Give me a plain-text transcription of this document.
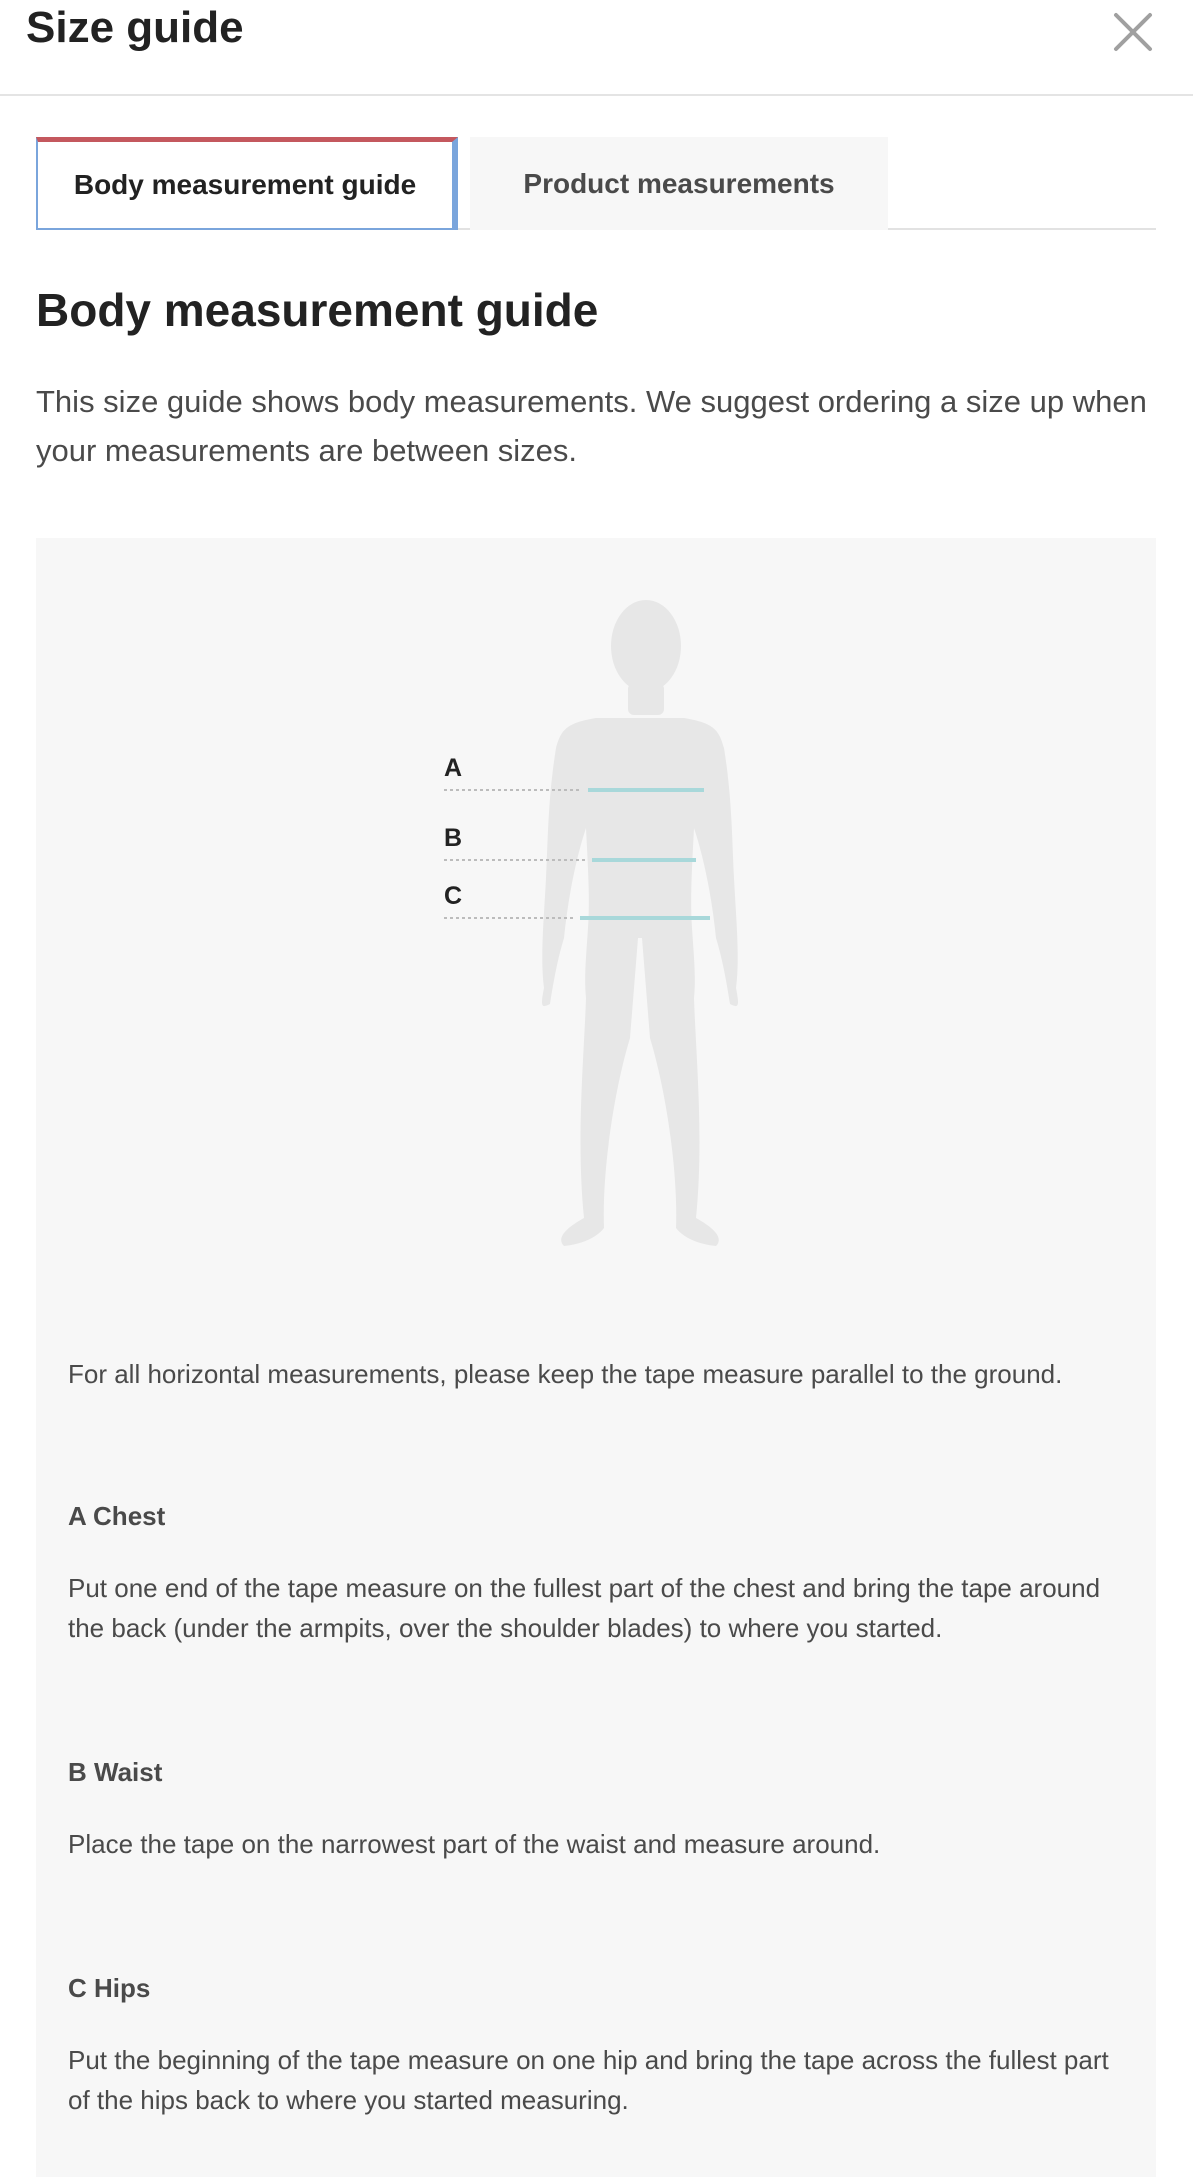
Size guide
Body measurement guide	Product measurements
Body measurement guide

This size guide shows body measurements. We suggest ordering a size up when your measurements are between sizes.

A
B
C

For all horizontal measurements, please keep the tape measure parallel to the ground.

A Chest

Put one end of the tape measure on the fullest part of the chest and bring the tape around the back (under the armpits, over the shoulder blades) to where you started.

B Waist

Place the tape on the narrowest part of the waist and measure around.

C Hips

Put the beginning of the tape measure on one hip and bring the tape across the fullest part of the hips back to where you started measuring.
